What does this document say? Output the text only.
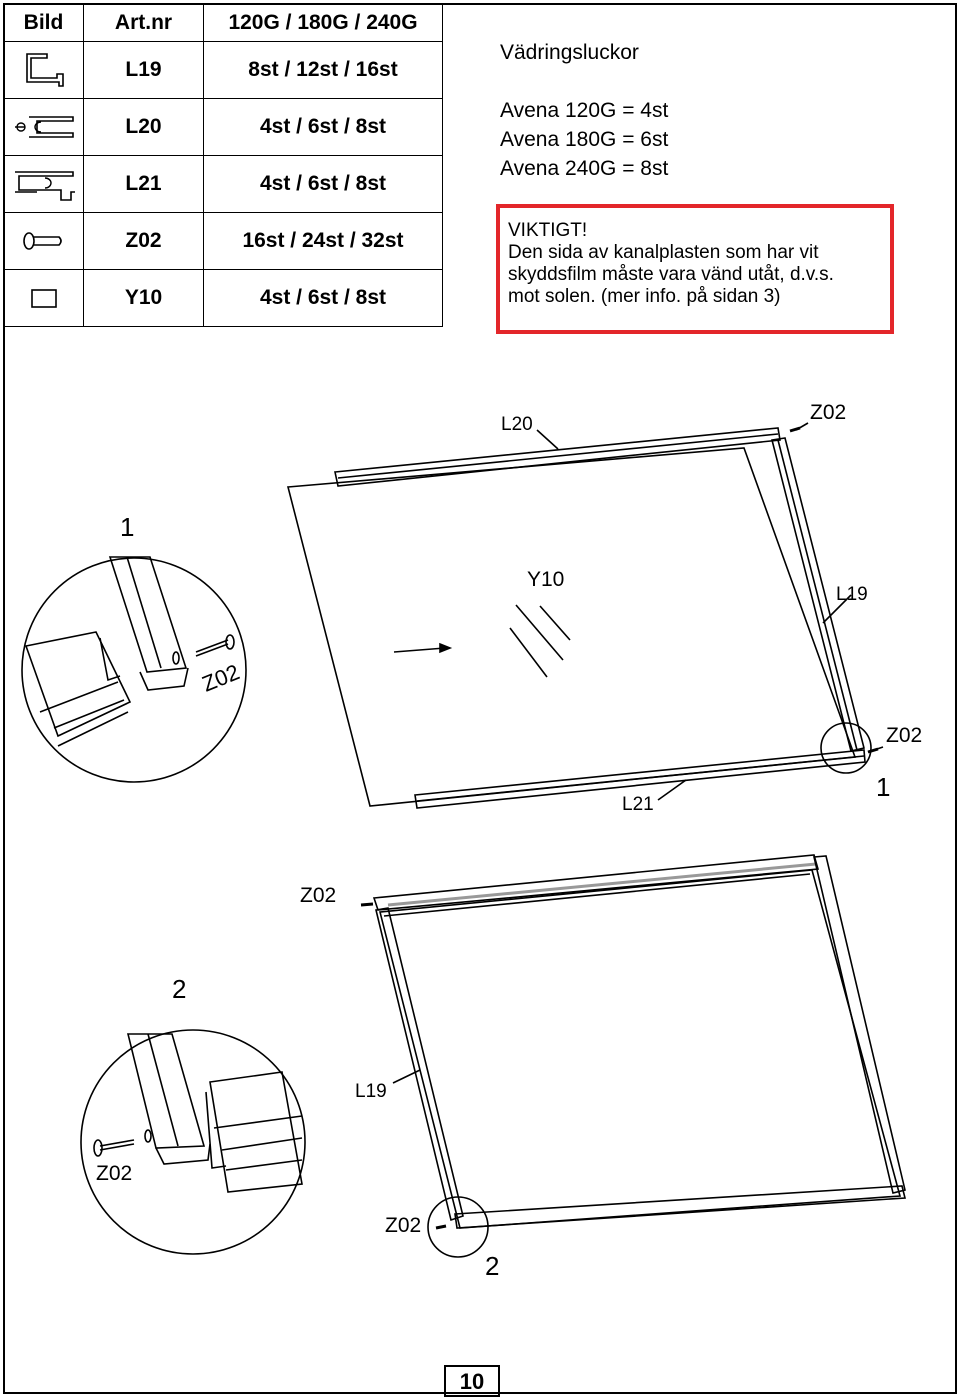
Bild	Art.nr	120G / 180G / 240G

	L19	8st / 12st / 16st

	L20	4st / 6st / 8st

	L21	4st / 6st / 8st

	Z02	16st / 24st / 32st

	Y10	4st / 6st / 8st
Vädringsluckor
Avena 120G = 4st
Avena 180G = 6st
Avena 240G = 8st
VIKTIGT!
Den sida av kanalplasten som har vit
skyddsfilm måste vara vänd utåt, d.v.s.
mot solen. (mer info. på sidan 3)
L20
Z02
Y10
L19
Z02
L21
1
1
Z02
Z02
2
L19
Z02
Z02
2
10
